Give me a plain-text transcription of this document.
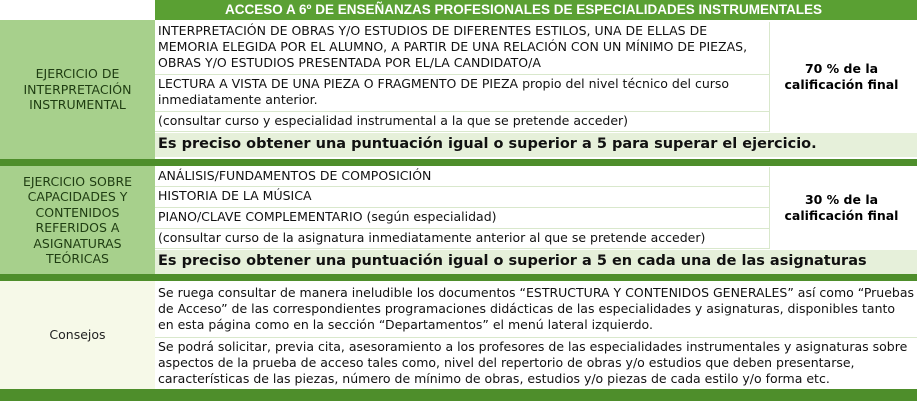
ACCESO A 6º DE ENSEÑANZAS PROFESIONALES DE ESPECIALIDADES INSTRUMENTALES
EJERCICIO DE INTERPRETACIÓN INSTRUMENTAL
INTERPRETACIÓN DE OBRAS Y/O ESTUDIOS DE DIFERENTES ESTILOS, UNA DE ELLAS DE MEMORIA ELEGIDA POR EL ALUMNO, A PARTIR DE UNA RELACIÓN CON UN MÍNIMO DE PIEZAS, OBRAS Y/O ESTUDIOS PRESENTADA POR EL/LA CANDIDATO/A
LECTURA A VISTA DE UNA PIEZA O FRAGMENTO DE PIEZA propio del nivel técnico del curso inmediatamente anterior.
(consultar curso y especialidad instrumental a la que se pretende acceder)
70 % de la calificación final
Es preciso obtener una puntuación igual o superior a 5 para superar el ejercicio.
EJERCICIO SOBRE CAPACIDADES Y CONTENIDOS REFERIDOS A ASIGNATURAS TEÓRICAS
ANÁLISIS/FUNDAMENTOS DE COMPOSICIÓN
HISTORIA DE LA MÚSICA
PIANO/CLAVE COMPLEMENTARIO (según especialidad)
(consultar curso de la asignatura inmediatamente anterior al que se pretende acceder)
30 % de la calificación final
Es preciso obtener una puntuación igual o superior a 5 en cada una de las asignaturas
Consejos
Se ruega consultar de manera ineludible los documentos “ESTRUCTURA Y CONTENIDOS GENERALES” así como “Pruebas de Acceso” de las correspondientes programaciones didácticas de las especialidades y asignaturas, disponibles tanto en esta página como en la sección “Departamentos” el menú lateral izquierdo.
Se podrá solicitar, previa cita, asesoramiento a los profesores de las especialidades instrumentales y asignaturas sobre aspectos de la prueba de acceso tales como, nivel del repertorio de obras y/o estudios que deben presentarse, características de las piezas, número de mínimo de obras, estudios y/o piezas de cada estilo y/o forma etc.
